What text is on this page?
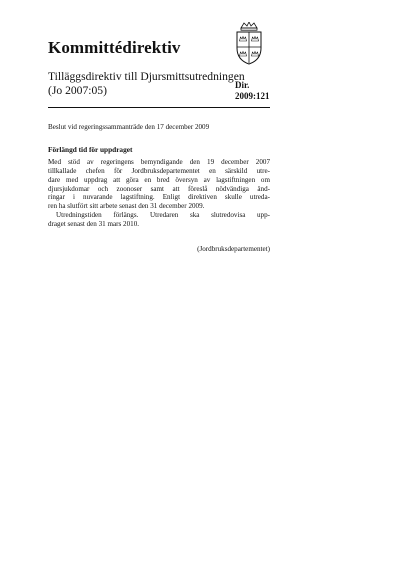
Kommittédirektiv
Tilläggsdirektiv till Djursmittsutredningen
(Jo 2007:05)	Dir.
2009:121
Beslut vid regeringssammanträde den 17 december 2009
Förlängd tid för uppdraget
Med stöd av regeringens bemyndigande den 19 december 2007
tillkallade chefen för Jordbruksdepartementet en särskild utre-
dare med uppdrag att göra en bred översyn av lagstiftningen om
djursjukdomar och zoonoser samt att föreslå nödvändiga änd-
ringar i nuvarande lagstiftning. Enligt direktiven skulle utreda-
ren ha slutfört sitt arbete senast den 31 december 2009.
Utredningstiden förlängs. Utredaren ska slutredovisa upp-
draget senast den 31 mars 2010.
(Jordbruksdepartementet)
